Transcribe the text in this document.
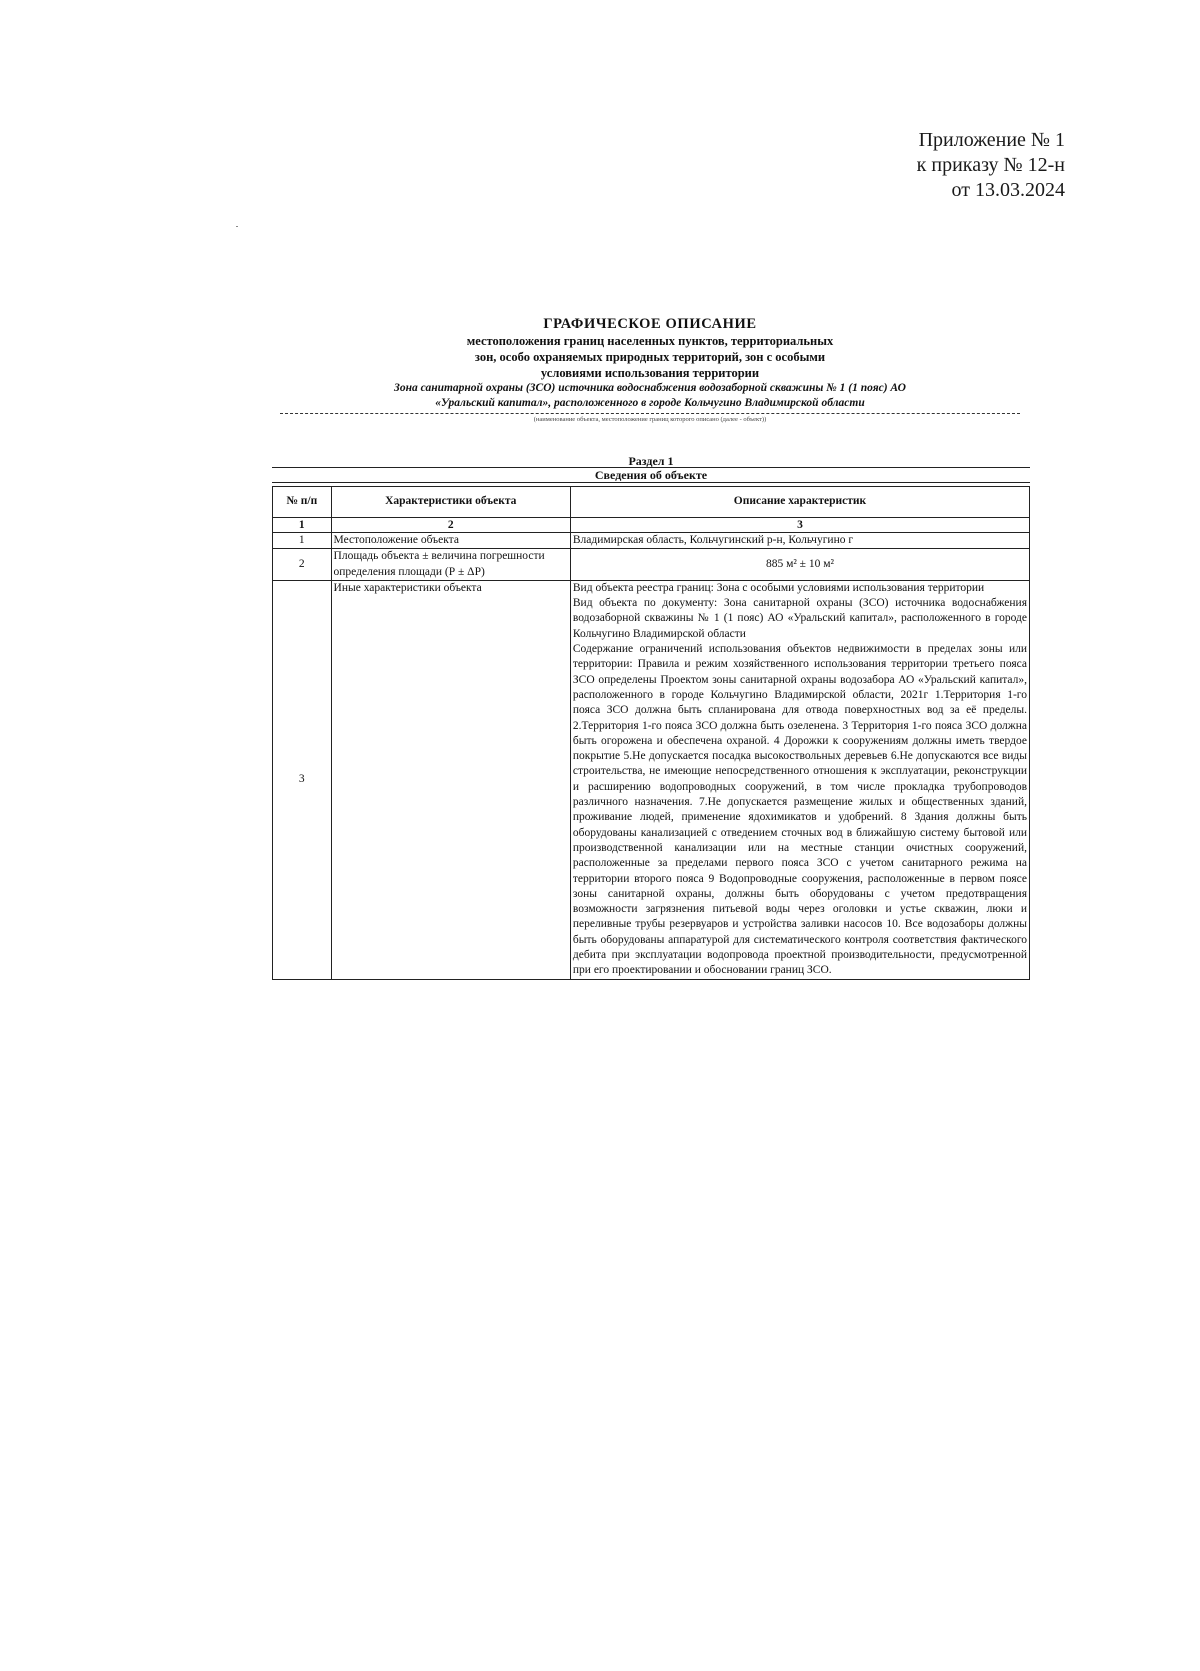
Приложение № 1
к приказу № 12-н
от 13.03.2024
ГРАФИЧЕСКОЕ ОПИСАНИЕ
местоположения границ населенных пунктов, территориальных
зон, особо охраняемых природных территорий, зон с особыми
условиями использования территории
Зона санитарной охраны (ЗСО) источника водоснабжения водозаборной скважины № 1 (1 пояс) АО
«Уральский капитал», расположенного в городе Кольчугино Владимирской области
(наименование объекта, местоположение границ которого описано (далее - объект))
Раздел 1
Сведения об объекте
№ п/п	Характеристики объекта	Описание характеристик
1	2	3
1	Местоположение объекта	Владимирская область, Кольчугинский р-н, Кольчугино г
2	Площадь объекта ± величина погрешности определения площади (Р ± ΔР)	885 м² ± 10 м²
3	Иные характеристики объекта	Вид объекта реестра границ: Зона с особыми условиями использования территории

Вид объекта по документу: Зона санитарной охраны (ЗСО) источника водоснабжения водозаборной скважины № 1 (1 пояс) АО «Уральский капитал», расположенного в городе Кольчугино Владимирской области

Содержание ограничений использования объектов недвижимости в пределах зоны или территории: Правила и режим хозяйственного использования территории третьего пояса ЗСО определены Проектом зоны санитарной охраны водозабора АО «Уральский капитал», расположенного в городе Кольчугино Владимирской области, 2021г 1.Территория 1-го пояса ЗСО должна быть спланирована для отвода поверхностных вод за её пределы. 2.Территория 1-го пояса ЗСО должна быть озеленена. 3 Территория 1-го пояса ЗСО должна быть огорожена и обеспечена охраной. 4 Дорожки к сооружениям должны иметь твердое покрытие 5.Не допускается посадка высокоствольных деревьев 6.Не допускаются все виды строительства, не имеющие непосредственного отношения к эксплуатации, реконструкции и расширению водопроводных сооружений, в том числе прокладка трубопроводов различного назначения. 7.Не допускается размещение жилых и общественных зданий, проживание людей, применение ядохимикатов и удобрений. 8 Здания должны быть оборудованы канализацией с отведением сточных вод в ближайшую систему бытовой или производственной канализации или на местные станции очистных сооружений, расположенные за пределами первого пояса ЗСО с учетом санитарного режима на территории второго пояса 9 Водопроводные сооружения, расположенные в первом поясе зоны санитарной охраны, должны быть оборудованы с учетом предотвращения возможности загрязнения питьевой воды через оголовки и устье скважин, люки и переливные трубы резервуаров и устройства заливки насосов 10. Все водозаборы должны быть оборудованы аппаратурой для систематического контроля соответствия фактического дебита при эксплуатации водопровода проектной производительности, предусмотренной при его проектировании и обосновании границ ЗСО.
